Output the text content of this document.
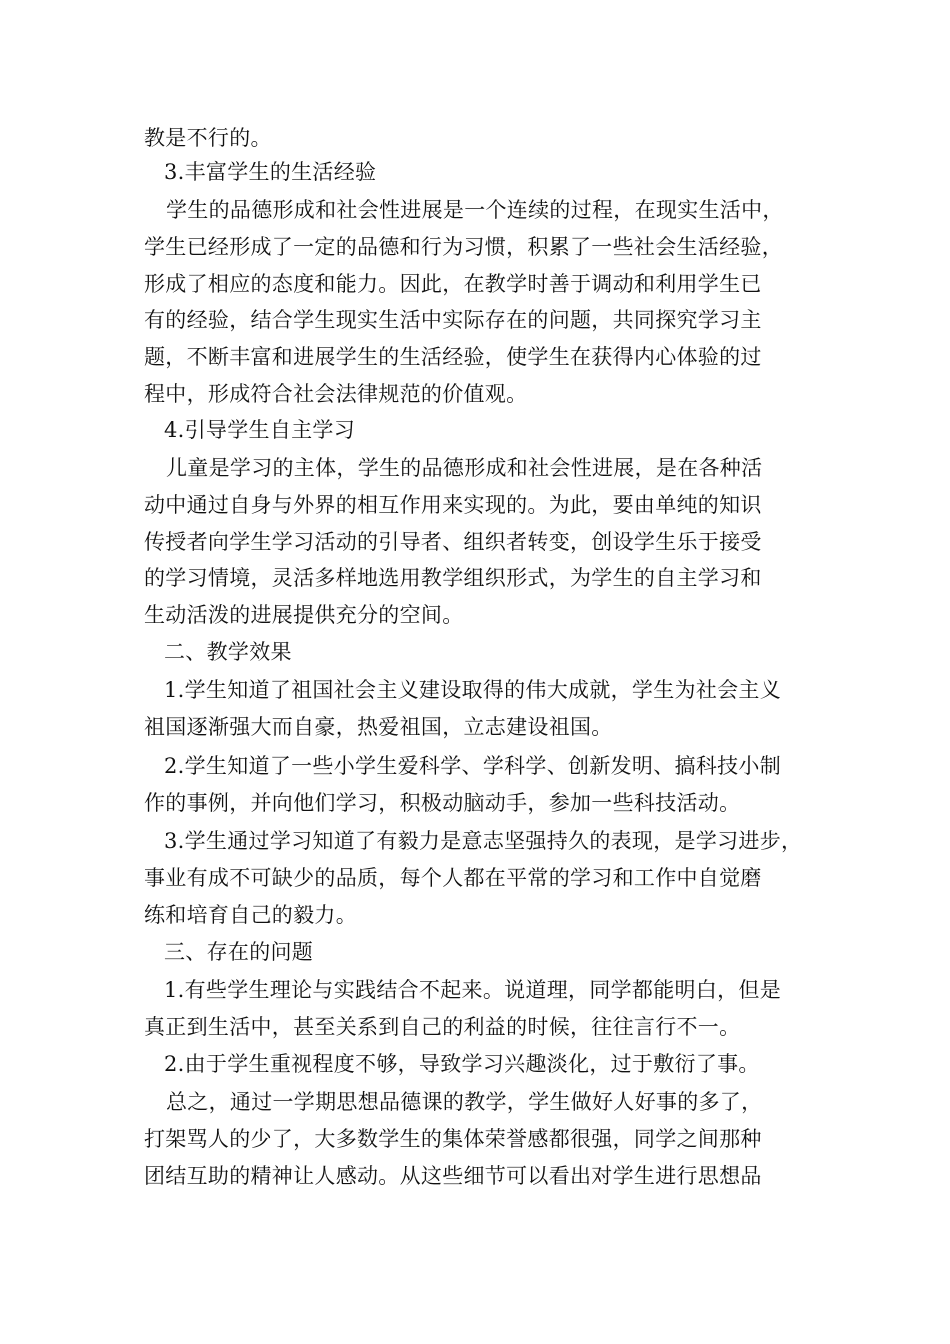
教是不行的。
3.丰富学生的生活经验
学生的品德形成和社会性进展是一个连续的过程，在现实生活中，
学生已经形成了一定的品德和行为习惯，积累了一些社会生活经验，
形成了相应的态度和能力。因此，在教学时善于调动和利用学生已
有的经验，结合学生现实生活中实际存在的问题，共同探究学习主
题，不断丰富和进展学生的生活经验，使学生在获得内心体验的过
程中，形成符合社会法律规范的价值观。
4.引导学生自主学习
儿童是学习的主体，学生的品德形成和社会性进展，是在各种活
动中通过自身与外界的相互作用来实现的。为此，要由单纯的知识
传授者向学生学习活动的引导者、组织者转变，创设学生乐于接受
的学习情境，灵活多样地选用教学组织形式，为学生的自主学习和
生动活泼的进展提供充分的空间。
二、教学效果
1.学生知道了祖国社会主义建设取得的伟大成就，学生为社会主义
祖国逐渐强大而自豪，热爱祖国，立志建设祖国。
2.学生知道了一些小学生爱科学、学科学、创新发明、搞科技小制
作的事例，并向他们学习，积极动脑动手，参加一些科技活动。
3.学生通过学习知道了有毅力是意志坚强持久的表现，是学习进步，
事业有成不可缺少的品质，每个人都在平常的学习和工作中自觉磨
练和培育自己的毅力。
三、存在的问题
1.有些学生理论与实践结合不起来。说道理，同学都能明白，但是
真正到生活中，甚至关系到自己的利益的时候，往往言行不一。
2.由于学生重视程度不够，导致学习兴趣淡化，过于敷衍了事。
总之，通过一学期思想品德课的教学，学生做好人好事的多了，
打架骂人的少了，大多数学生的集体荣誉感都很强，同学之间那种
团结互助的精神让人感动。从这些细节可以看出对学生进行思想品
